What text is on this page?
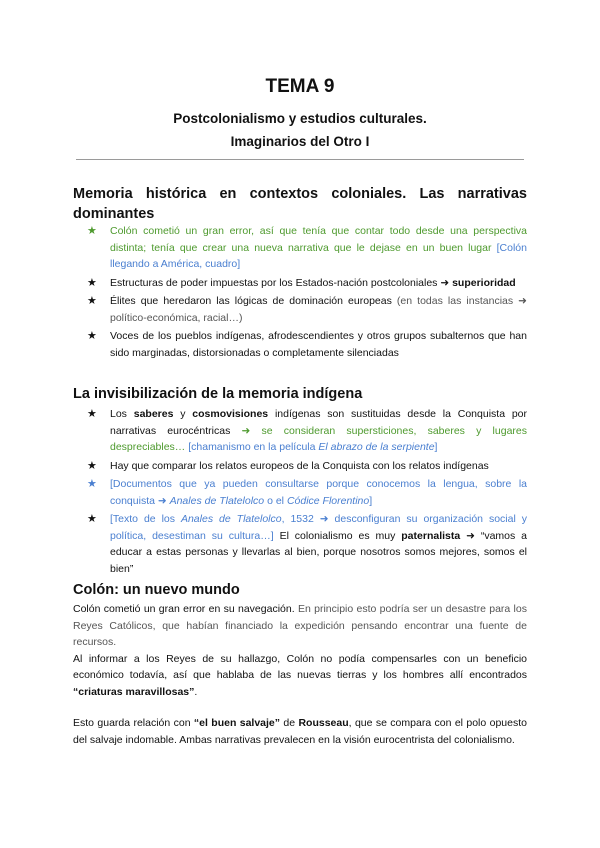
TEMA 9
Postcolonialismo y estudios culturales.
Imaginarios del Otro I
Memoria histórica en contextos coloniales. Las narrativas dominantes
★ Colón cometió un gran error, así que tenía que contar todo desde una perspectiva distinta; tenía que crear una nueva narrativa que le dejase en un buen lugar [Colón llegando a América, cuadro]
★ Estructuras de poder impuestas por los Estados-nación postcoloniales ➜ superioridad
★ Élites que heredaron las lógicas de dominación europeas (en todas las instancias ➜ político-económica, racial…)
★ Voces de los pueblos indígenas, afrodescendientes y otros grupos subalternos que han sido marginadas, distorsionadas o completamente silenciadas
La invisibilización de la memoria indígena
★ Los saberes y cosmovisiones indígenas son sustituidas desde la Conquista por narrativas eurocéntricas ➜ se consideran supersticiones, saberes y lugares despreciables… [chamanismo en la película El abrazo de la serpiente]
★ Hay que comparar los relatos europeos de la Conquista con los relatos indígenas
★ [Documentos que ya pueden consultarse porque conocemos la lengua, sobre la conquista ➜ Anales de Tlatelolco o el Códice Florentino]
★ [Texto de los Anales de Tlatelolco, 1532 ➜ desconfiguran su organización social y política, desestiman su cultura…] El colonialismo es muy paternalista ➜ “vamos a educar a estas personas y llevarlas al bien, porque nosotros somos mejores, somos el bien”
Colón: un nuevo mundo

Colón cometió un gran error en su navegación. En principio esto podría ser un desastre para los Reyes Católicos, que habían financiado la expedición pensando encontrar una fuente de recursos.
Al informar a los Reyes de su hallazgo, Colón no podía compensarles con un beneficio económico todavía, así que hablaba de las nuevas tierras y los hombres allí encontrados “criaturas maravillosas”.

Esto guarda relación con “el buen salvaje” de Rousseau, que se compara con el polo opuesto del salvaje indomable. Ambas narrativas prevalecen en la visión eurocentrista del colonialismo.
